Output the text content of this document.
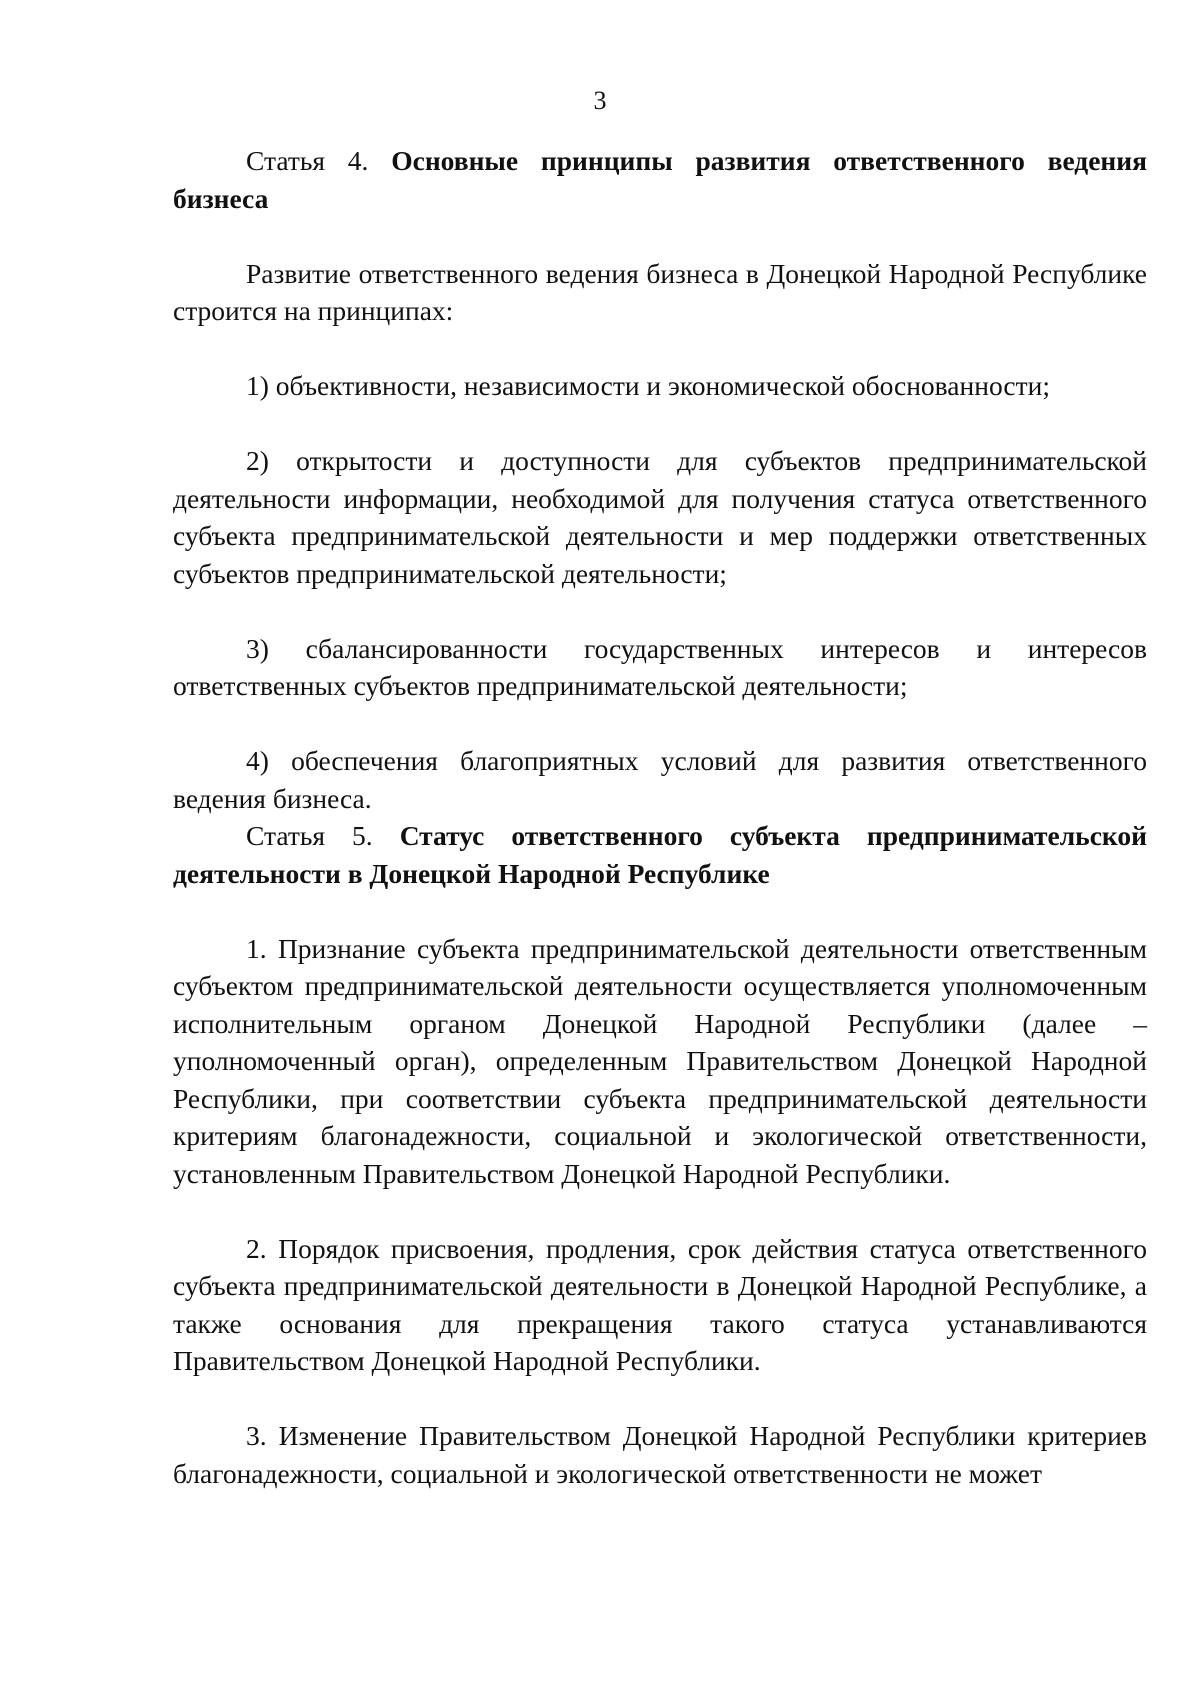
3

Статья 4. Основные принципы развития ответственного ведения бизнеса

Развитие ответственного ведения бизнеса в Донецкой Народной Республике строится на принципах:

1) объективности, независимости и экономической обоснованности;

2) открытости и доступности для субъектов предпринимательской деятельности информации, необходимой для получения статуса ответственного субъекта предпринимательской деятельности и мер поддержки ответственных субъектов предпринимательской деятельности;

3) сбалансированности государственных интересов и интересов ответственных субъектов предпринимательской деятельности;

4) обеспечения благоприятных условий для развития ответственного ведения бизнеса.

Статья 5. Статус ответственного субъекта предпринимательской деятельности в Донецкой Народной Республике

1. Признание субъекта предпринимательской деятельности ответственным субъектом предпринимательской деятельности осуществляется уполномоченным исполнительным органом Донецкой Народной Республики (далее – уполномоченный орган), определенным Правительством Донецкой Народной Республики, при соответствии субъекта предпринимательской деятельности критериям благонадежности, социальной и экологической ответственности, установленным Правительством Донецкой Народной Республики.

2. Порядок присвоения, продления, срок действия статуса ответственного субъекта предпринимательской деятельности в Донецкой Народной Республике, а также основания для прекращения такого статуса устанавливаются Правительством Донецкой Народной Республики.

3. Изменение Правительством Донецкой Народной Республики критериев благонадежности, социальной и экологической ответственности не может
